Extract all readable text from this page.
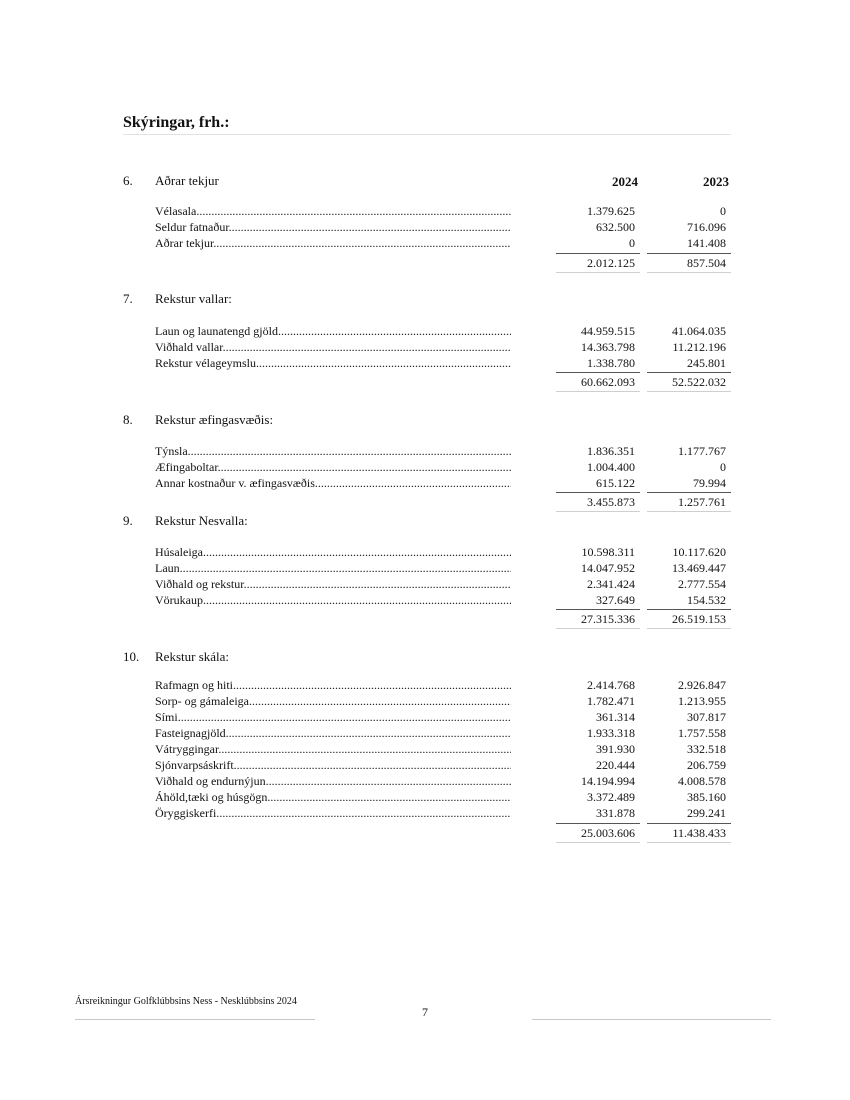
Skýringar, frh.:
2024	2023
6. Aðrar tekjur
Vélasala .....	1.379.625	0
Seldur fatnaður .....	632.500	716.096
Aðrar tekjur .....	0	141.408
2.012.125	857.504
7. Rekstur vallar:
Laun og launatengd gjöld .....	44.959.515	41.064.035
Viðhald vallar .....	14.363.798	11.212.196
Rekstur vélageymslu .....	1.338.780	245.801
60.662.093	52.522.032
8. Rekstur æfingasvæðis:
Týnsla .....	1.836.351	1.177.767
Æfingaboltar .....	1.004.400	0
Annar kostnaður v. æfingasvæðis .....	615.122	79.994
3.455.873	1.257.761
9. Rekstur Nesvalla:
Húsaleiga .....	10.598.311	10.117.620
Laun .....	14.047.952	13.469.447
Viðhald og rekstur .....	2.341.424	2.777.554
Vörukaup .....	327.649	154.532
27.315.336	26.519.153
10. Rekstur skála:
Rafmagn og hiti .....	2.414.768	2.926.847
Sorp- og gámaleiga .....	1.782.471	1.213.955
Sími .....	361.314	307.817
Fasteignagjöld .....	1.933.318	1.757.558
Vátryggingar .....	391.930	332.518
Sjónvarpsáskrift .....	220.444	206.759
Viðhald og endurnýjun .....	14.194.994	4.008.578
Áhöld,tæki og húsgögn .....	3.372.489	385.160
Öryggiskerfi .....	331.878	299.241
25.003.606	11.438.433
Ársreikningur Golfklúbbsins Ness - Nesklúbbsins 2024
7
